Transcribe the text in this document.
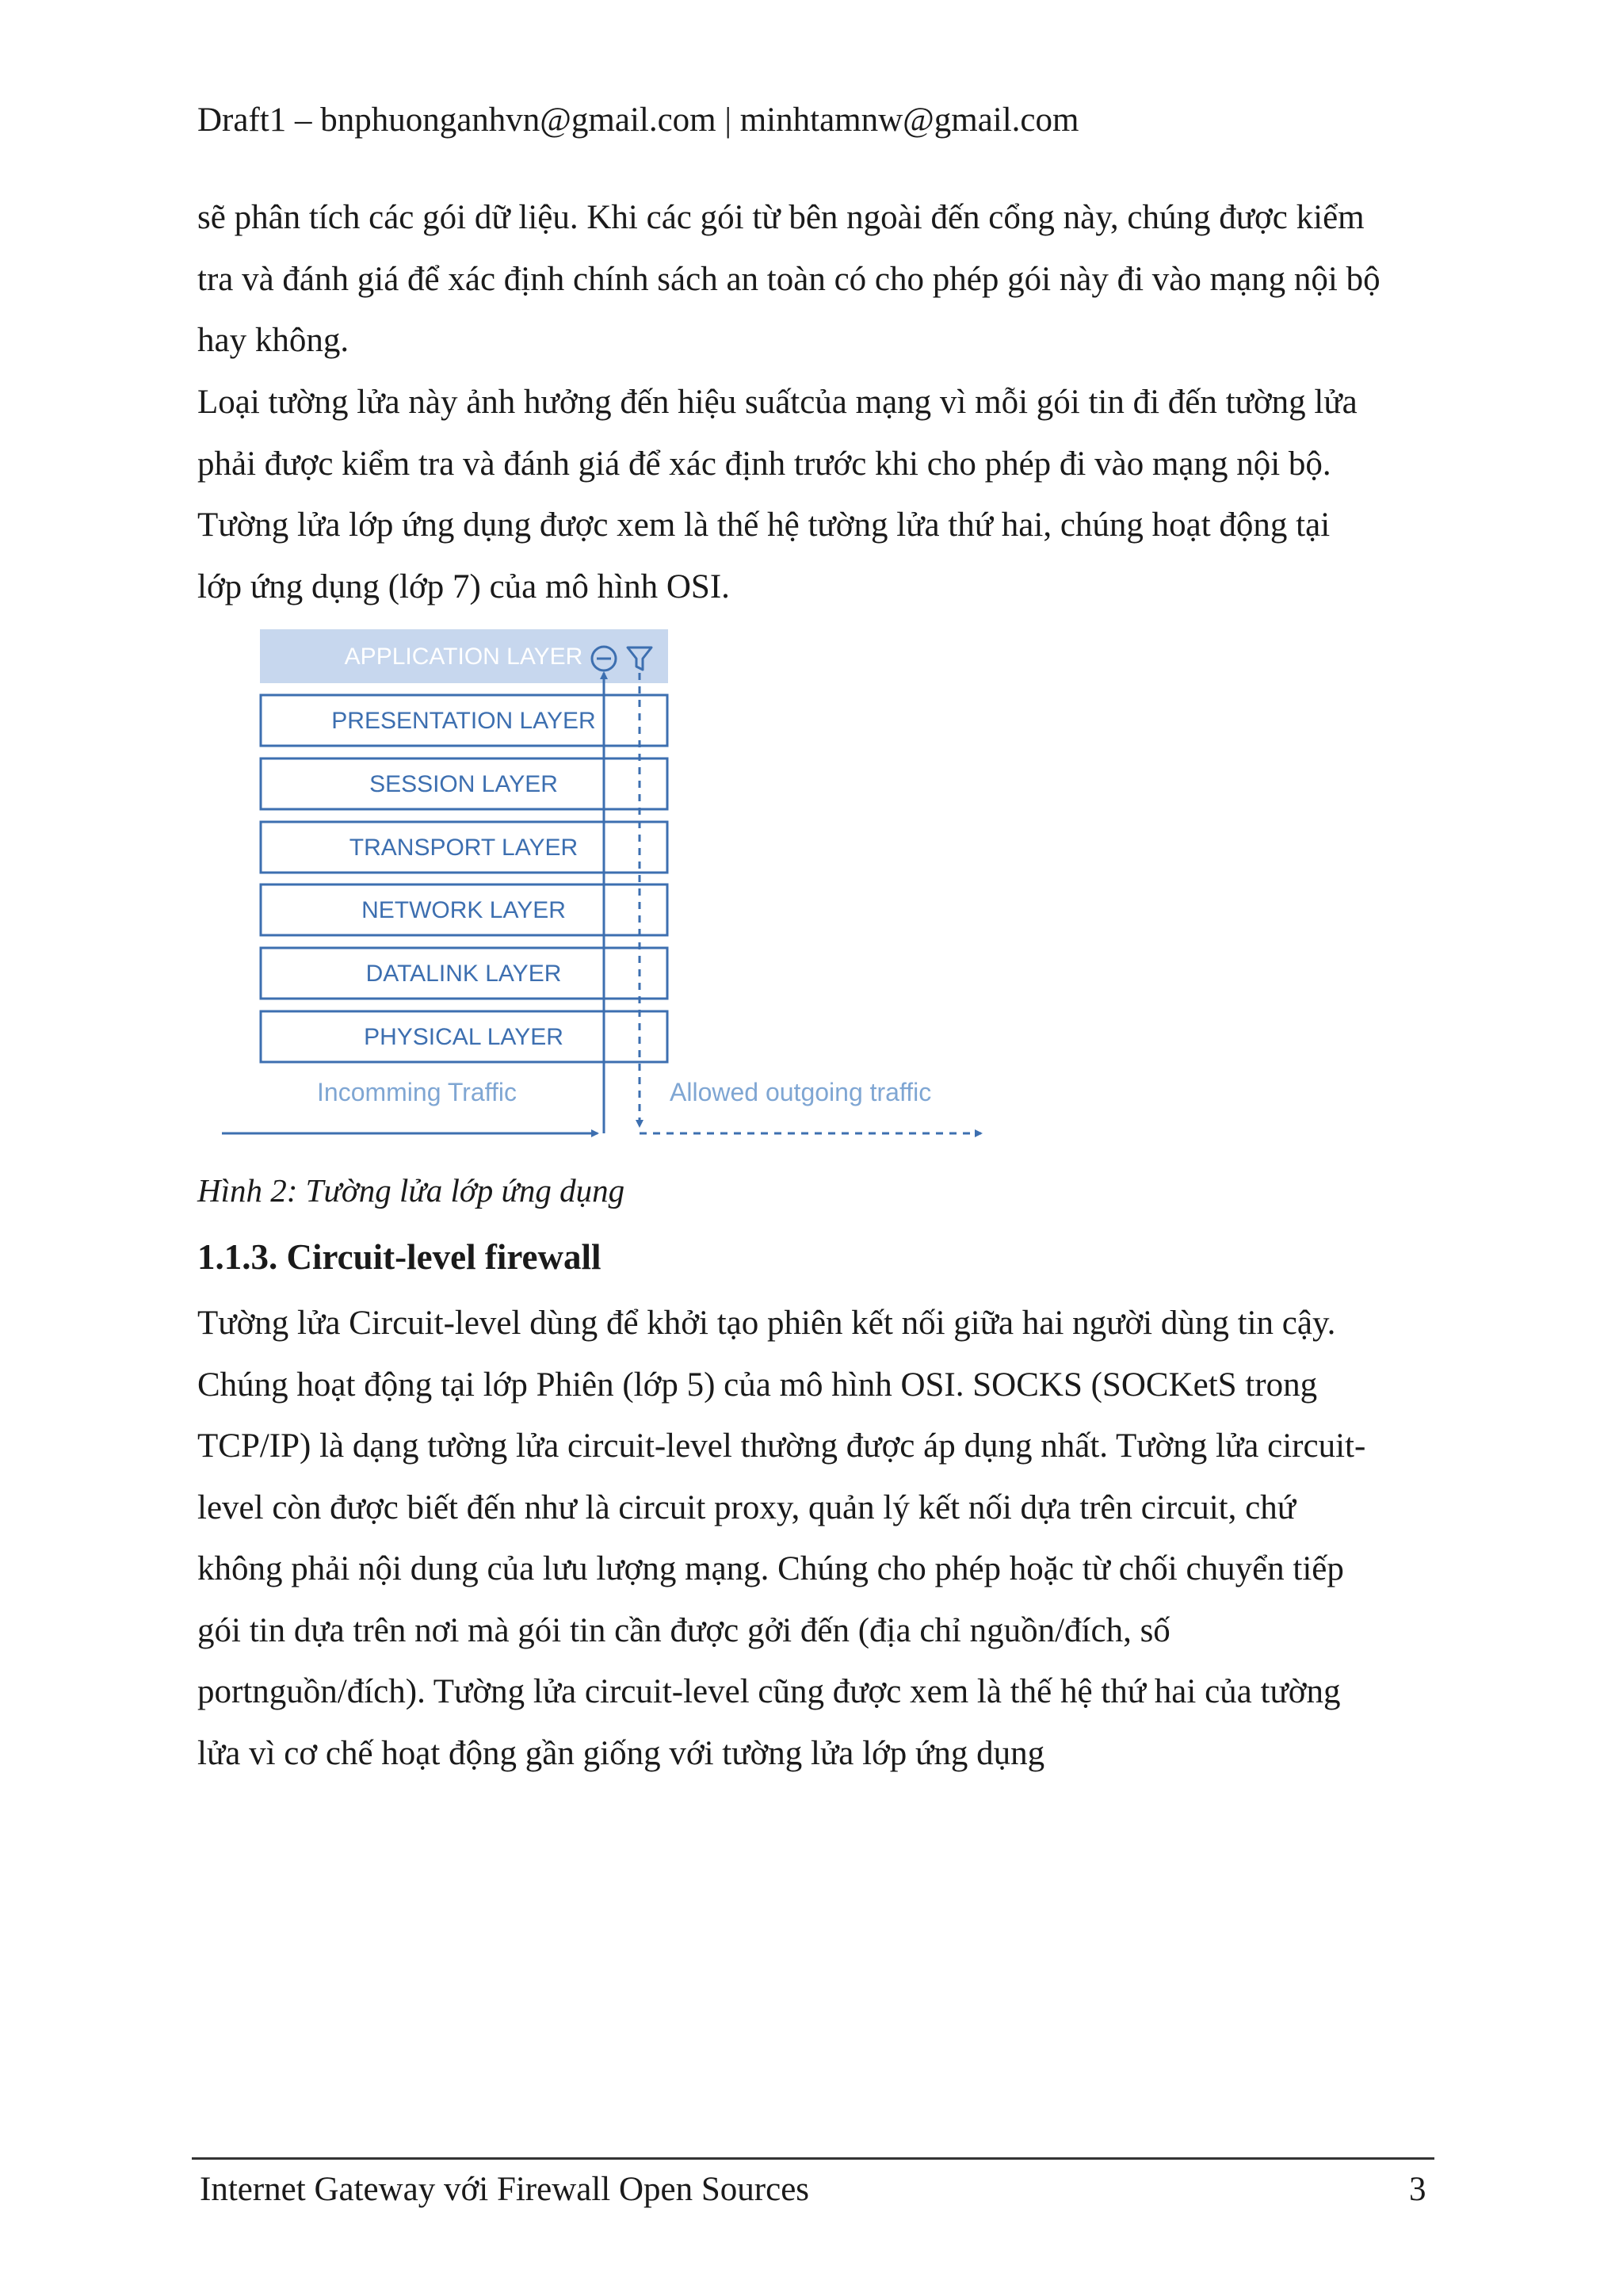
Draft1 – bnphuonganhvn@gmail.com | minhtamnw@gmail.com
sẽ phân tích các gói dữ liệu. Khi các gói từ bên ngoài đến cổng này, chúng được kiểm
tra và đánh giá để xác định chính sách an toàn có cho phép gói này đi vào mạng nội bộ
hay không.
Loại tường lửa này ảnh hưởng đến hiệu suấtcủa mạng vì mỗi gói tin đi đến tường lửa
phải được kiểm tra và đánh giá để xác định trước khi cho phép đi vào mạng nội bộ.
Tường lửa lớp ứng dụng được xem là thế hệ tường lửa thứ hai, chúng hoạt động tại
lớp ứng dụng (lớp 7) của mô hình OSI.
APPLICATION LAYER
PRESENTATION LAYER
SESSION LAYER
TRANSPORT LAYER
NETWORK LAYER
DATALINK LAYER
PHYSICAL LAYER
Incomming Traffic	Allowed outgoing traffic
Hình 2: Tường lửa lớp ứng dụng
1.1.3. Circuit-level firewall
Tường lửa Circuit-level dùng để khởi tạo phiên kết nối giữa hai người dùng tin cậy.
Chúng hoạt động tại lớp Phiên (lớp 5) của mô hình OSI. SOCKS (SOCKetS trong
TCP/IP) là dạng tường lửa circuit-level thường được áp dụng nhất. Tường lửa circuit-
level còn được biết đến như là circuit proxy, quản lý kết nối dựa trên circuit, chứ
không phải nội dung của lưu lượng mạng. Chúng cho phép hoặc từ chối chuyển tiếp
gói tin dựa trên nơi mà gói tin cần được gởi đến (địa chỉ nguồn/đích, số
portnguồn/đích). Tường lửa circuit-level cũng được xem là thế hệ thứ hai của tường
lửa vì cơ chế hoạt động gần giống với tường lửa lớp ứng dụng
Internet Gateway với Firewall Open Sources	3
